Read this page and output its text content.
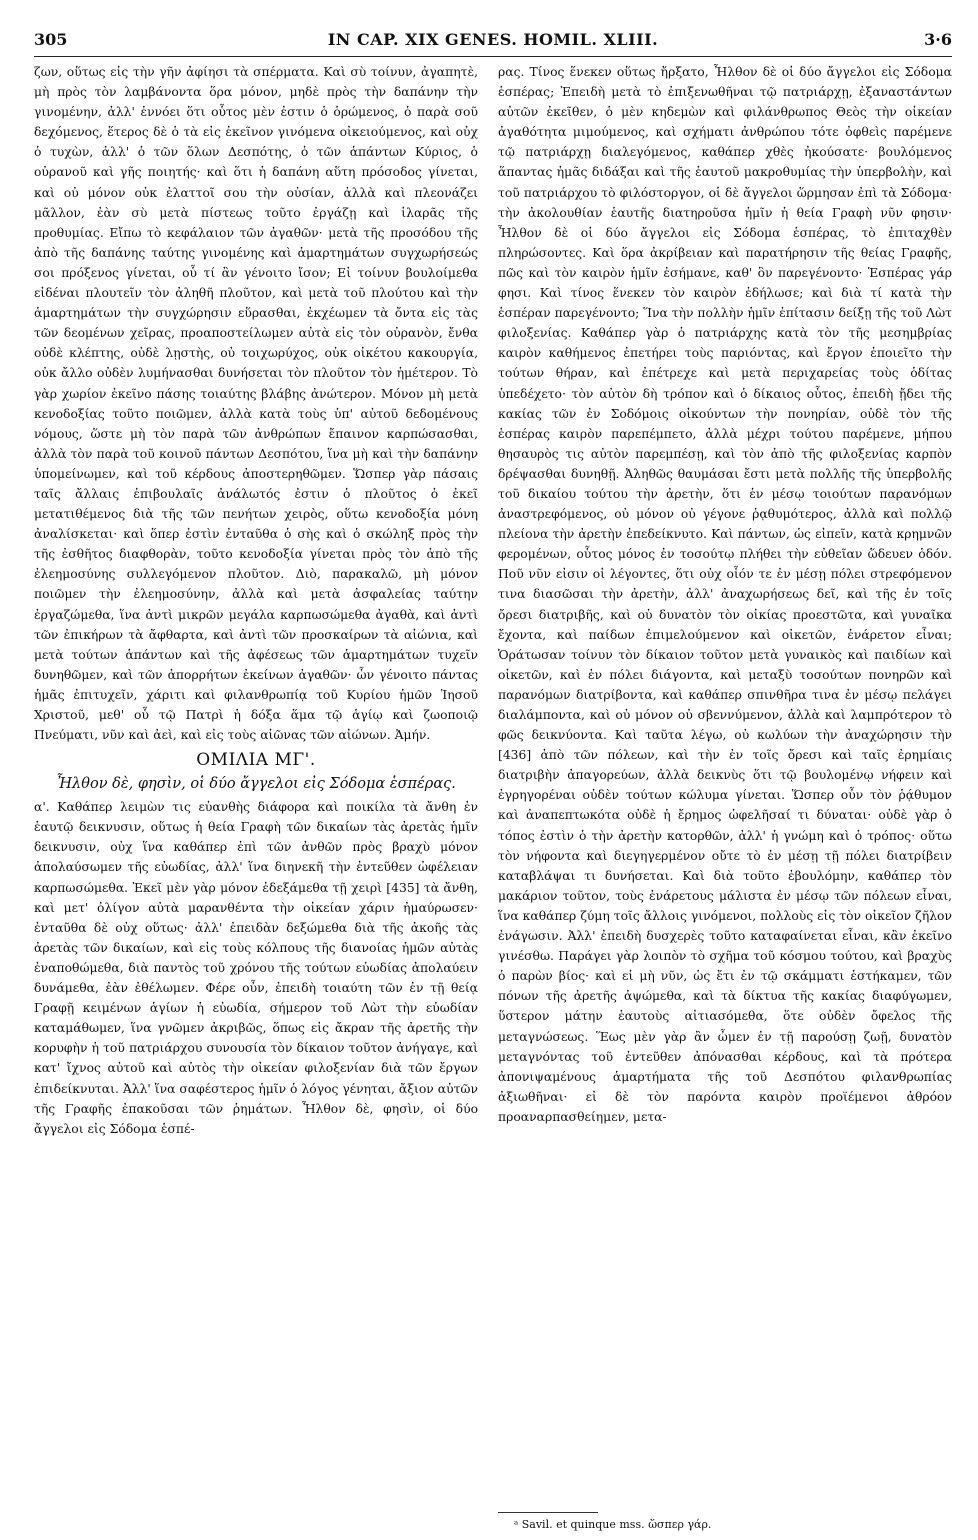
305	IN CAP. XIX GENES. HOMIL. XLIII.	3·6

ζων, οὕτως εἰς τὴν γῆν ἀφίησι τὰ σπέρματα. Καὶ σὺ τοίνυν, ἀγαπητὲ, μὴ πρὸς τὸν λαμβάνοντα ὅρα μόνον, μηδὲ πρὸς τὴν δαπάνην τὴν γινομένην, ἀλλ' ἐννόει ὅτι οὗτος μὲν ἐστιν ὁ ὁρώμενος, ὁ παρὰ σοῦ δεχόμενος, ἕτερος δὲ ὁ τὰ εἰς ἐκεῖνον γινόμενα οἰκειούμενος, καὶ οὐχ ὁ τυχὼν, ἀλλ' ὁ τῶν ὅλων Δεσπότης, ὁ τῶν ἁπάντων Κύριος, ὁ οὐρανοῦ καὶ γῆς ποιητής· καὶ ὅτι ἡ δαπάνη αὕτη πρόσοδος γίνεται, καὶ οὐ μόνον οὐκ ἐλαττοῖ σου τὴν οὐσίαν, ἀλλὰ καὶ πλεονάζει μᾶλλον, ἐὰν σὺ μετὰ πίστεως τοῦτο ἐργάζῃ καὶ ἱλαρᾶς τῆς προθυμίας. Εἴπω τὸ κεφάλαιον τῶν ἀγαθῶν· μετὰ τῆς προσόδου τῆς ἀπὸ τῆς δαπάνης ταύτης γινομένης καὶ ἁμαρτημάτων συγχωρήσεώς σοι πρόξενος γίνεται, οὗ τί ἂν γένοιτο ἴσον; Εἰ τοίνυν βουλοίμεθα εἰδέναι πλουτεῖν τὸν ἀληθῆ πλοῦτον, καὶ μετὰ τοῦ πλούτου καὶ τὴν ἁμαρτημάτων τὴν συγχώρησιν εὕρασθαι, ἐκχέωμεν τὰ ὄντα εἰς τὰς τῶν δεομένων χεῖρας, προαποστείλωμεν αὐτὰ εἰς τὸν οὐρανὸν, ἔνθα οὐδὲ κλέπτης, οὐδὲ λῃστὴς, οὐ τοιχωρύχος, οὐκ οἰκέτου κακουργία, οὐκ ἄλλο οὐδὲν λυμήνασθαι δυνήσεται τὸν πλοῦτον τὸν ἡμέτερον. Τὸ γὰρ χωρίον ἐκεῖνο πάσης τοιαύτης βλάβης ἀνώτερον. Μόνον μὴ μετὰ κενοδοξίας τοῦτο ποιῶμεν, ἀλλὰ κατὰ τοὺς ὑπ' αὐτοῦ δεδομένους νόμους, ὥστε μὴ τὸν παρὰ τῶν ἀνθρώπων ἔπαινον καρπώσασθαι, ἀλλὰ τὸν παρὰ τοῦ κοινοῦ πάντων Δεσπότου, ἵνα μὴ καὶ τὴν δαπάνην ὑπομείνωμεν, καὶ τοῦ κέρδους ἀποστερηθῶμεν. Ὥσπερ γὰρ πάσαις ταῖς ἄλλαις ἐπιβουλαῖς ἀνάλωτός ἐστιν ὁ πλοῦτος ὁ ἐκεῖ μετατιθέμενος διὰ τῆς τῶν πενήτων χειρὸς, οὕτω κενοδοξία μόνη ἀναλίσκεται· καὶ ὅπερ ἐστὶν ἐνταῦθα ὁ σὴς καὶ ὁ σκώληξ πρὸς τὴν τῆς ἐσθῆτος διαφθορὰν, τοῦτο κενοδοξία γίνεται πρὸς τὸν ἀπὸ τῆς ἐλεημοσύνης συλλεγόμενον πλοῦτον. Διὸ, παρακαλῶ, μὴ μόνον ποιῶμεν τὴν ἐλεημοσύνην, ἀλλὰ καὶ μετὰ ἀσφαλείας ταύτην ἐργαζώμεθα, ἵνα ἀντὶ μικρῶν μεγάλα καρπωσώμεθα ἀγαθὰ, καὶ ἀντὶ τῶν ἐπικήρων τὰ ἄφθαρτα, καὶ ἀντὶ τῶν προσκαίρων τὰ αἰώνια, καὶ μετὰ τούτων ἁπάντων καὶ τῆς ἀφέσεως τῶν ἁμαρτημάτων τυχεῖν δυνηθῶμεν, καὶ τῶν ἀπορρήτων ἐκείνων ἀγαθῶν· ὧν γένοιτο πάντας ἡμᾶς ἐπιτυχεῖν, χάριτι καὶ φιλανθρωπίᾳ τοῦ Κυρίου ἡμῶν Ἰησοῦ Χριστοῦ, μεθ' οὗ τῷ Πατρὶ ἡ δόξα ἅμα τῷ ἁγίῳ καὶ ζωοποιῷ Πνεύματι, νῦν καὶ ἀεὶ, καὶ εἰς τοὺς αἰῶνας τῶν αἰώνων. Ἀμήν.

ΟΜΙΛΙΑ ΜΓ'.
Ἦλθον δὲ, φησὶν, οἱ δύο ἄγγελοι εἰς Σόδομα ἑσπέρας.

α'. Καθάπερ λειμὼν τις εὐανθὴς διάφορα καὶ ποικίλα τὰ ἄνθη ἐν ἑαυτῷ δεικνυσιν, οὕτως ἡ θεία Γραφὴ τῶν δικαίων τὰς ἀρετὰς ἡμῖν δεικνυσιν, οὐχ ἵνα καθάπερ ἐπὶ τῶν ἀνθῶν πρὸς βραχὺ μόνον ἀπολαύσωμεν τῆς εὐωδίας, ἀλλ' ἵνα διηνεκῆ τὴν ἐντεῦθεν ὠφέλειαν καρπωσώμεθα. Ἐκεῖ μὲν γὰρ μόνον ἐδεξάμεθα τῇ χειρὶ [435] τὰ ἄνθη, καὶ μετ' ὀλίγον αὐτὰ μαρανθέντα τὴν οἰκείαν χάριν ἠμαύρωσεν· ἐνταῦθα δὲ οὐχ οὕτως· ἀλλ' ἐπειδὰν δεξώμεθα διὰ τῆς ἀκοῆς τὰς ἀρετὰς τῶν δικαίων, καὶ εἰς τοὺς κόλπους τῆς διανοίας ἡμῶν αὐτὰς ἐναποθώμεθα, διὰ παντὸς τοῦ χρόνου τῆς τούτων εὐωδίας ἀπολαύειν δυνάμεθα, ἐὰν ἐθέλωμεν. Φέρε οὖν, ἐπειδὴ τοιαύτη τῶν ἐν τῇ θείᾳ Γραφῇ κειμένων ἁγίων ἡ εὐωδία, σήμερον τοῦ Λὼτ τὴν εὐωδίαν καταμάθωμεν, ἵνα γνῶμεν ἀκριβῶς, ὅπως εἰς ἄκραν τῆς ἀρετῆς τὴν κορυφὴν ἡ τοῦ πατριάρχου συνουσία τὸν δίκαιον τοῦτον ἀνήγαγε, καὶ κατ' ἴχνος αὐτοῦ καὶ αὐτὸς τὴν οἰκείαν φιλοξενίαν διὰ τῶν ἔργων ἐπιδείκνυται. Ἀλλ' ἵνα σαφέστερος ἡμῖν ὁ λόγος γένηται, ἄξιον αὐτῶν τῆς Γραφῆς ἐπακοῦσαι τῶν ῥημάτων. Ἦλθον δὲ, φησὶν, οἱ δύο ἄγγελοι εἰς Σόδομα ἑσπέ-

ρας. Τίνος ἕνεκεν οὕτως ἤρξατο, Ἦλθον δὲ οἱ δύο ἄγγελοι εἰς Σόδομα ἑσπέρας; Ἐπειδὴ μετὰ τὸ ἐπιξενωθῆναι τῷ πατριάρχῃ, ἐξαναστάντων αὐτῶν ἐκεῖθεν, ὁ μὲν κηδεμὼν καὶ φιλάνθρωπος Θεὸς τὴν οἰκείαν ἀγαθότητα μιμούμενος, καὶ σχήματι ἀνθρώπου τότε ὀφθεὶς παρέμενε τῷ πατριάρχῃ διαλεγόμενος, καθάπερ χθὲς ἠκούσατε· βουλόμενος ἅπαντας ἡμᾶς διδάξαι καὶ τῆς ἑαυτοῦ μακροθυμίας τὴν ὑπερβολὴν, καὶ τοῦ πατριάρχου τὸ φιλόστοργον, οἱ δὲ ἄγγελοι ὥρμησαν ἐπὶ τὰ Σόδομα· τὴν ἀκολουθίαν ἑαυτῆς διατηροῦσα ἡμῖν ἡ θεία Γραφὴ νῦν φησιν· Ἦλθον δὲ οἱ δύο ἄγγελοι εἰς Σόδομα ἑσπέρας, τὸ ἐπιταχθὲν πληρώσοντες. Καὶ ὅρα ἀκρίβειαν καὶ παρατήρησιν τῆς θείας Γραφῆς, πῶς καὶ τὸν καιρὸν ἡμῖν ἐσήμανε, καθ' ὃν παρεγένοντο· Ἑσπέρας γάρ φησι. Καὶ τίνος ἕνεκεν τὸν καιρὸν ἐδήλωσε; καὶ διὰ τί κατὰ τὴν ἑσπέραν παρεγένοντο; Ἵνα τὴν πολλὴν ἡμῖν ἐπίτασιν δείξῃ τῆς τοῦ Λὼτ φιλοξενίας. Καθάπερ γὰρ ὁ πατριάρχης κατὰ τὸν τῆς μεσημβρίας καιρὸν καθήμενος ἐπετήρει τοὺς παριόντας, καὶ ἔργον ἐποιεῖτο τὴν τούτων θήραν, καὶ ἐπέτρεχε καὶ μετὰ περιχαρείας τοὺς ὁδίτας ὑπεδέχετο· τὸν αὐτὸν δὴ τρόπον καὶ ὁ δίκαιος οὗτος, ἐπειδὴ ᾔδει τῆς κακίας τῶν ἐν Σοδόμοις οἰκούντων τὴν πονηρίαν, οὐδὲ τὸν τῆς ἑσπέρας καιρὸν παρεπέμπετο, ἀλλὰ μέχρι τούτου παρέμενε, μήπου θησαυρὸς τις αὐτὸν παρεμπέσῃ, καὶ τὸν ἀπὸ τῆς φιλοξενίας καρπὸν δρέψασθαι δυνηθῇ. Ἀληθῶς θαυμάσαι ἔστι μετὰ πολλῆς τῆς ὑπερβολῆς τοῦ δικαίου τούτου τὴν ἀρετὴν, ὅτι ἐν μέσῳ τοιούτων παρανόμων ἀναστρεφόμενος, οὐ μόνον οὐ γέγονε ῥᾳθυμότερος, ἀλλὰ καὶ πολλῷ πλείονα τὴν ἀρετὴν ἐπεδείκνυτο. Καὶ πάντων, ὡς εἰπεῖν, κατὰ κρημνῶν φερομένων, οὗτος μόνος ἐν τοσούτῳ πλήθει τὴν εὐθεῖαν ὥδευεν ὁδόν. Ποῦ νῦν εἰσιν οἱ λέγοντες, ὅτι οὐχ οἷόν τε ἐν μέσῃ πόλει στρεφόμενον τινα διασῶσαι τὴν ἀρετὴν, ἀλλ' ἀναχωρήσεως δεῖ, καὶ τῆς ἐν τοῖς ὄρεσι διατριβῆς, καὶ οὐ δυνατὸν τὸν οἰκίας προεστῶτα, καὶ γυναῖκα ἔχοντα, καὶ παίδων ἐπιμελούμενον καὶ οἰκετῶν, ἐνάρετον εἶναι; Ὁράτωσαν τοίνυν τὸν δίκαιον τοῦτον μετὰ γυναικὸς καὶ παιδίων καὶ οἰκετῶν, καὶ ἐν πόλει διάγοντα, καὶ μεταξὺ τοσούτων πονηρῶν καὶ παρανόμων διατρίβοντα, καὶ καθάπερ σπινθῆρα τινα ἐν μέσῳ πελάγει διαλάμποντα, καὶ οὐ μόνον οὐ σβεννύμενον, ἀλλὰ καὶ λαμπρότερον τὸ φῶς δεικνύοντα. Καὶ ταῦτα λέγω, οὐ κωλύων τὴν ἀναχώρησιν τὴν [436] ἀπὸ τῶν πόλεων, καὶ τὴν ἐν τοῖς ὄρεσι καὶ ταῖς ἐρημίαις διατριβὴν ἀπαγορεύων, ἀλλὰ δεικνὺς ὅτι τῷ βουλομένῳ νήφειν καὶ ἐγρηγορέναι οὐδὲν τούτων κώλυμα γίνεται. Ὥσπερ οὖν τὸν ῥᾴθυμον καὶ ἀναπεπτωκότα οὐδὲ ἡ ἔρημος ὠφελῆσαί τι δύναται· οὐδὲ γὰρ ὁ τόπος ἐστὶν ὁ τὴν ἀρετὴν κατορθῶν, ἀλλ' ἡ γνώμη καὶ ὁ τρόπος· οὕτω τὸν νήφοντα καὶ διεγηγερμένον οὔτε τὸ ἐν μέσῃ τῇ πόλει διατρίβειν καταβλάψαι τι δυνήσεται. Καὶ διὰ τοῦτο ἐβουλόμην, καθάπερ τὸν μακάριον τοῦτον, τοὺς ἐνάρετους μάλιστα ἐν μέσῳ τῶν πόλεων εἶναι, ἵνα καθάπερ ζύμη τοῖς ἄλλοις γινόμενοι, πολλοὺς εἰς τὸν οἰκεῖον ζῆλον ἐνάγωσιν. Ἀλλ' ἐπειδὴ δυσχερὲς τοῦτο καταφαίνεται εἶναι, κἂν ἐκεῖνο γινέσθω. Παράγει γὰρ λοιπὸν τὸ σχῆμα τοῦ κόσμου τούτου, καὶ βραχὺς ὁ παρὼν βίος· καὶ εἰ μὴ νῦν, ὡς ἔτι ἐν τῷ σκάμματι ἑστήκαμεν, τῶν πόνων τῆς ἀρετῆς ἀψώμεθα, καὶ τὰ δίκτυα τῆς κακίας διαφύγωμεν, ὕστερον μάτην ἑαυτοὺς αἰτιασόμεθα, ὅτε οὐδὲν ὄφελος τῆς μεταγνώσεως. Ἕως μὲν γὰρ ἂν ὦμεν ἐν τῇ παρούσῃ ζωῇ, δυνατὸν μεταγνόντας τοῦ ἐντεῦθεν ἀπόνασθαι κέρδους, καὶ τὰ πρότερα ἀπονιψαμένους ἁμαρτήματα τῆς τοῦ Δεσπότου φιλανθρωπίας ἀξιωθῆναι· εἰ δὲ τὸν παρόντα καιρὸν προϊέμενοι ἀθρόον προαναρπασθείημεν, μετα-

ᵃ Savil. et quinque mss. ὥσπερ γάρ.
